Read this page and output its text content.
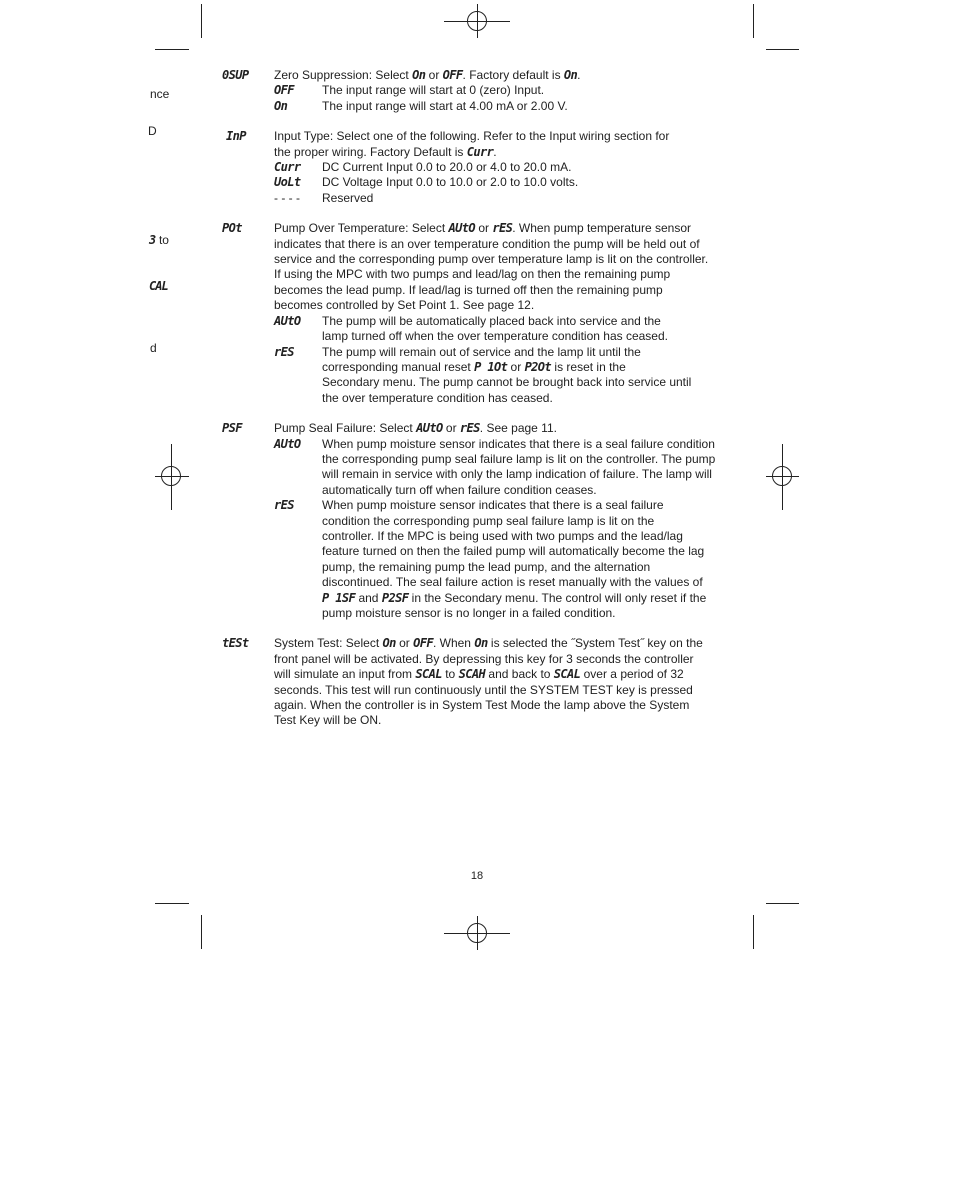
nce
D
3 to
CAL
d
0SUP	Zero Suppression: Select On or OFF. Factory default is On.
OFF	The input range will start at 0 (zero) Input.
On	The input range will start at 4.00 mA or 2.00 V.
InP	Input Type: Select one of the following. Refer to the Input wiring section for
the proper wiring. Factory Default is Curr.
Curr	DC Current Input 0.0 to 20.0 or 4.0 to 20.0 mA.
UoLt	DC Voltage Input 0.0 to 10.0 or 2.0 to 10.0 volts.
- - - -	Reserved
POt	Pump Over Temperature: Select AUtO or rES. When pump temperature sensor
indicates that there is an over temperature condition the pump will be held out of
service and the corresponding pump over temperature lamp is lit on the controller.
If using the MPC with two pumps and lead/lag on then the remaining pump
becomes the lead pump. If lead/lag is turned off then the remaining pump
becomes controlled by Set Point 1. See page 12.
AUtO	The pump will be automatically placed back into service and the
lamp turned off when the over temperature condition has ceased.
rES	The pump will remain out of service and the lamp lit until the
corresponding manual reset P 1Ot or P2Ot is reset in the
Secondary menu. The pump cannot be brought back into service until
the over temperature condition has ceased.
PSF	Pump Seal Failure: Select AUtO or rES. See page 11.
AUtO	When pump moisture sensor indicates that there is a seal failure condition
the corresponding pump seal failure lamp is lit on the controller. The pump
will remain in service with only the lamp indication of failure. The lamp will
automatically turn off when failure condition ceases.
rES	When pump moisture sensor indicates that there is a seal failure
condition the corresponding pump seal failure lamp is lit on the
controller. If the MPC is being used with two pumps and the lead/lag
feature turned on then the failed pump will automatically become the lag
pump, the remaining pump the lead pump, and the alternation
discontinued. The seal failure action is reset manually with the values of
P 1SF and P2SF in the Secondary menu. The control will only reset if the
pump moisture sensor is no longer in a failed condition.
tESt	System Test: Select On or OFF. When On is selected the ˝System Test˝ key on the
front panel will be activated. By depressing this key for 3 seconds the controller
will simulate an input from SCAL to SCAH and back to SCAL over a period of 32
seconds. This test will run continuously until the SYSTEM TEST key is pressed
again. When the controller is in System Test Mode the lamp above the System
Test Key will be ON.
18
